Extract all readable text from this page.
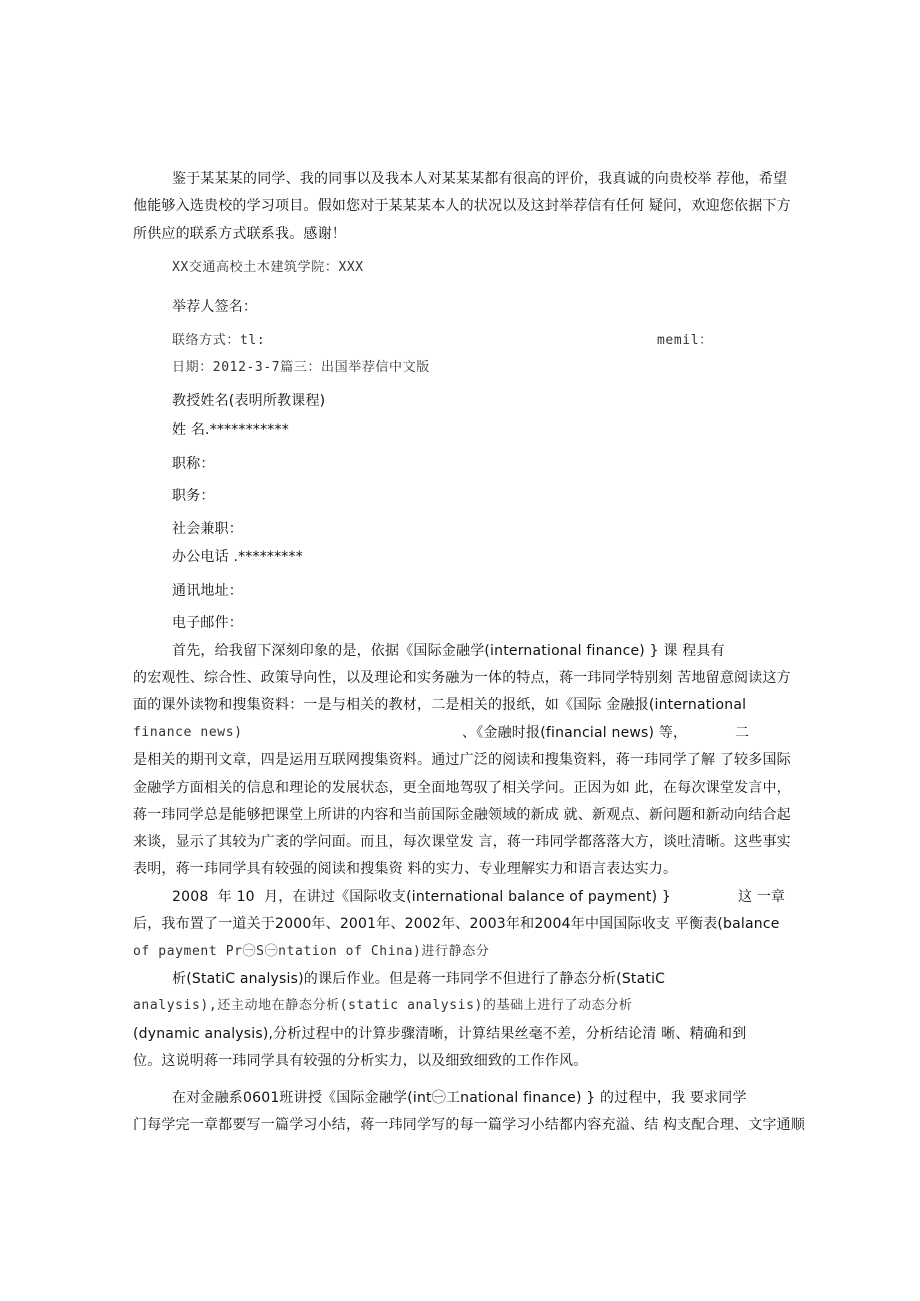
鉴于某某某的同学、我的同事以及我本人对某某某都有很高的评价，我真诚的向贵校举 荐他，希望
他能够入选贵校的学习项目。假如您对于某某某本人的状况以及这封举荐信有任何 疑问，欢迎您依据下方
所供应的联系方式联系我。感谢！
XX交通高校土木建筑学院：XXX
举荐人签名：
联络方式：tl:	memil：
日期：2012-3-7篇三：出国举荐信中文版
教授姓名(表明所教课程)
姓 名.***********
职称：
职务：
社会兼职：
办公电话 .*********
通讯地址：
电子邮件：
首先，给我留下深刻印象的是，依据《国际金融学(international finance) } 课 程具有
的宏观性、综合性、政策导向性，以及理论和实务融为一体的特点，蒋一玮同学特别刻 苦地留意阅读这方
面的课外读物和搜集资料：一是与相关的教材，二是相关的报纸，如《国际 金融报(international
finance news)	、《金融时报(financial news) 等，	二
是相关的期刊文章，四是运用互联网搜集资料。通过广泛的阅读和搜集资料，蒋一玮同学了解 了较多国际
金融学方面相关的信息和理论的发展状态，更全面地驾驭了相关学问。正因为如 此，在每次课堂发言中，
蒋一玮同学总是能够把课堂上所讲的内容和当前国际金融领域的新成 就、新观点、新问题和新动向结合起
来谈，显示了其较为广袤的学问面。而且，每次课堂发 言，蒋一玮同学都落落大方，谈吐清晰。这些事实
表明，蒋一玮同学具有较强的阅读和搜集资 料的实力、专业理解实力和语言表达实力。
2008  年 10  月，在讲过《国际收支(international balance of payment) }	这 一章
后，我布置了一道关于2000年、2001年、2002年、2003年和2004年中国国际收支 平衡表(balance
of payment Pr㊀S㊀ntation of China)进行静态分
析(StatiC analysis)的课后作业。但是蒋一玮同学不但进行了静态分析(StatiC
analysis),还主动地在静态分析(static analysis)的基础上进行了动态分析
(dynamic analysis),分析过程中的计算步骤清晰，计算结果丝毫不差，分析结论清 晰、精确和到
位。这说明蒋一玮同学具有较强的分析实力，以及细致细致的工作作风。
在对金融系0601班讲授《国际金融学(int㊀工national finance) } 的过程中，我 要求同学
门每学完一章都要写一篇学习小结，蒋一玮同学写的每一篇学习小结都内容充溢、结 构支配合理、文字通顺
